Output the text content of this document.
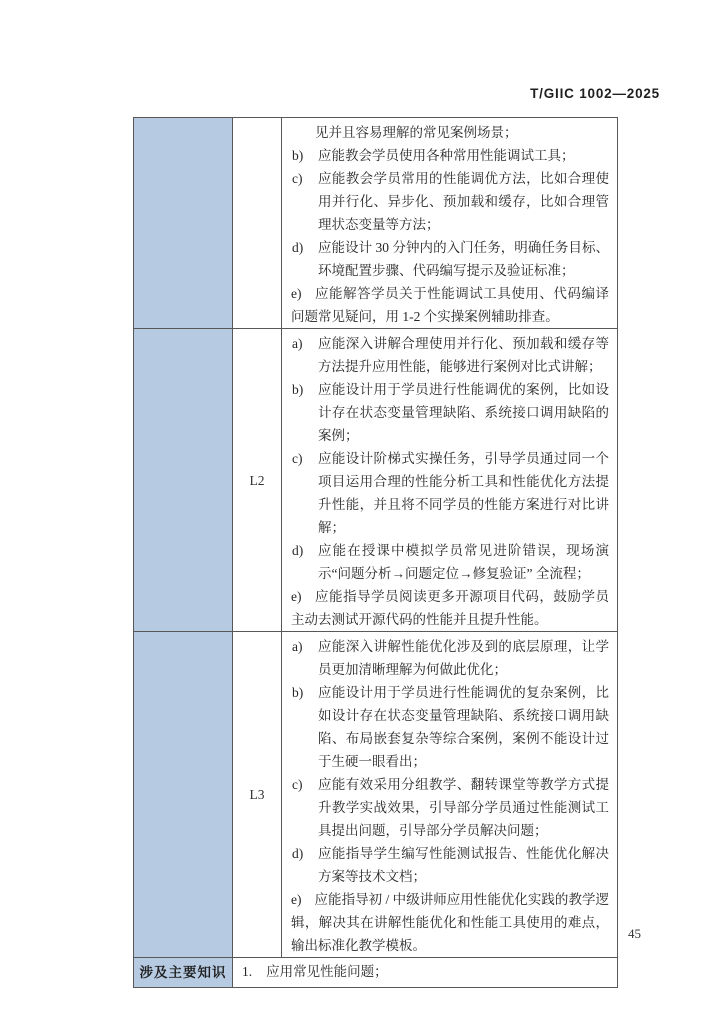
T/GIIC 1002—2025
见并且容易理解的常见案例场景；
b) 应能教会学员使用各种常用性能调试工具；
c) 应能教会学员常用的性能调优方法，比如合理使用并行化、异步化、预加载和缓存，比如合理管理状态变量等方法；
d) 应能设计 30 分钟内的入门任务，明确任务目标、环境配置步骤、代码编写提示及验证标准；
e) 应能解答学员关于性能调试工具使用、代码编译问题常见疑问，用 1-2 个实操案例辅助排查。
L2
a) 应能深入讲解合理使用并行化、预加载和缓存等方法提升应用性能，能够进行案例对比式讲解；
b) 应能设计用于学员进行性能调优的案例，比如设计存在状态变量管理缺陷、系统接口调用缺陷的案例；
c) 应能设计阶梯式实操任务，引导学员通过同一个项目运用合理的性能分析工具和性能优化方法提升性能，并且将不同学员的性能方案进行对比讲解；
d) 应能在授课中模拟学员常见进阶错误，现场演示“问题分析→问题定位→修复验证” 全流程；
e) 应能指导学员阅读更多开源项目代码，鼓励学员主动去测试开源代码的性能并且提升性能。
L3
a) 应能深入讲解性能优化涉及到的底层原理，让学员更加清晰理解为何做此优化；
b) 应能设计用于学员进行性能调优的复杂案例，比如设计存在状态变量管理缺陷、系统接口调用缺陷、布局嵌套复杂等综合案例，案例不能设计过于生硬一眼看出；
c) 应能有效采用分组教学、翻转课堂等教学方式提升教学实战效果，引导部分学员通过性能测试工具提出问题，引导部分学员解决问题；
d) 应能指导学生编写性能测试报告、性能优化解决方案等技术文档；
e) 应能指导初 / 中级讲师应用性能优化实践的教学逻辑，解决其在讲解性能优化和性能工具使用的难点，输出标准化教学模板。
涉及主要知识	1. 应用常见性能问题；
45
